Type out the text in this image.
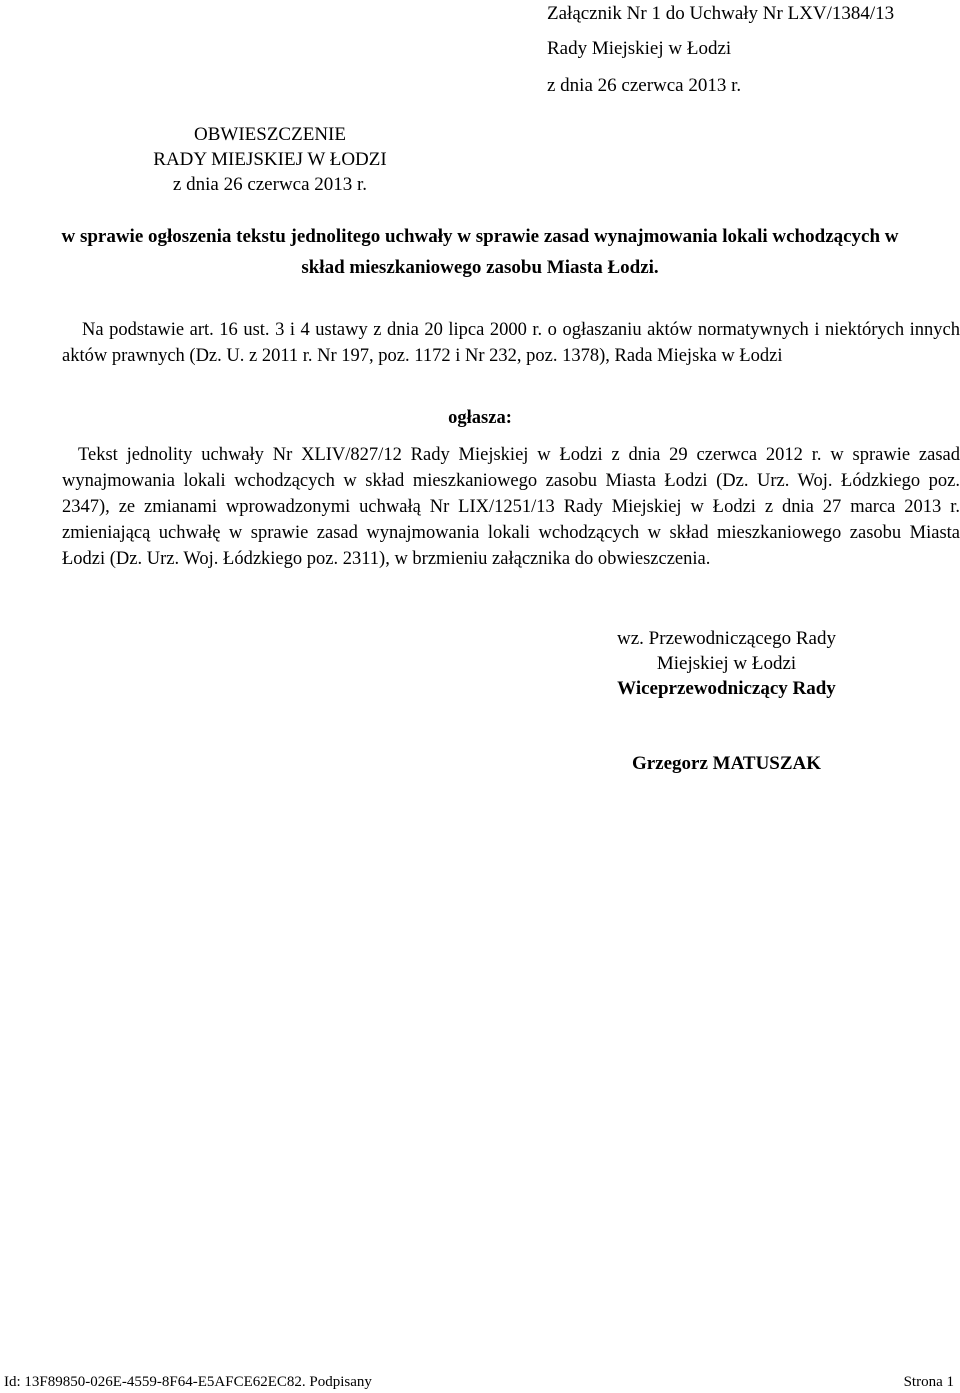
Załącznik Nr 1 do Uchwały Nr LXV/1384/13

Rady Miejskiej w Łodzi

z dnia 26 czerwca 2013 r.

OBWIESZCZENIE

RADY MIEJSKIEJ W ŁODZI

z dnia 26 czerwca 2013 r.

w sprawie ogłoszenia tekstu jednolitego uchwały w sprawie zasad wynajmowania lokali wchodzących w skład mieszkaniowego zasobu Miasta Łodzi.

Na podstawie art. 16 ust. 3 i 4 ustawy z dnia 20 lipca 2000 r. o ogłaszaniu aktów normatywnych i niektórych innych aktów prawnych (Dz. U. z 2011 r. Nr 197, poz. 1172 i Nr 232, poz. 1378), Rada Miejska w Łodzi

ogłasza:

Tekst jednolity uchwały Nr XLIV/827/12 Rady Miejskiej w Łodzi z dnia 29 czerwca 2012 r. w sprawie zasad wynajmowania lokali wchodzących w skład mieszkaniowego zasobu Miasta Łodzi (Dz. Urz. Woj. Łódzkiego poz. 2347), ze zmianami wprowadzonymi uchwałą Nr LIX/1251/13 Rady Miejskiej w Łodzi z dnia 27 marca 2013 r. zmieniającą uchwałę w sprawie zasad wynajmowania lokali wchodzących w skład mieszkaniowego zasobu Miasta Łodzi (Dz. Urz. Woj. Łódzkiego poz. 2311), w brzmieniu załącznika do obwieszczenia.

wz. Przewodniczącego Rady

Miejskiej w Łodzi

Wiceprzewodniczący Rady

Grzegorz MATUSZAK

Id: 13F89850-026E-4559-8F64-E5AFCE62EC82. Podpisany	Strona 1
